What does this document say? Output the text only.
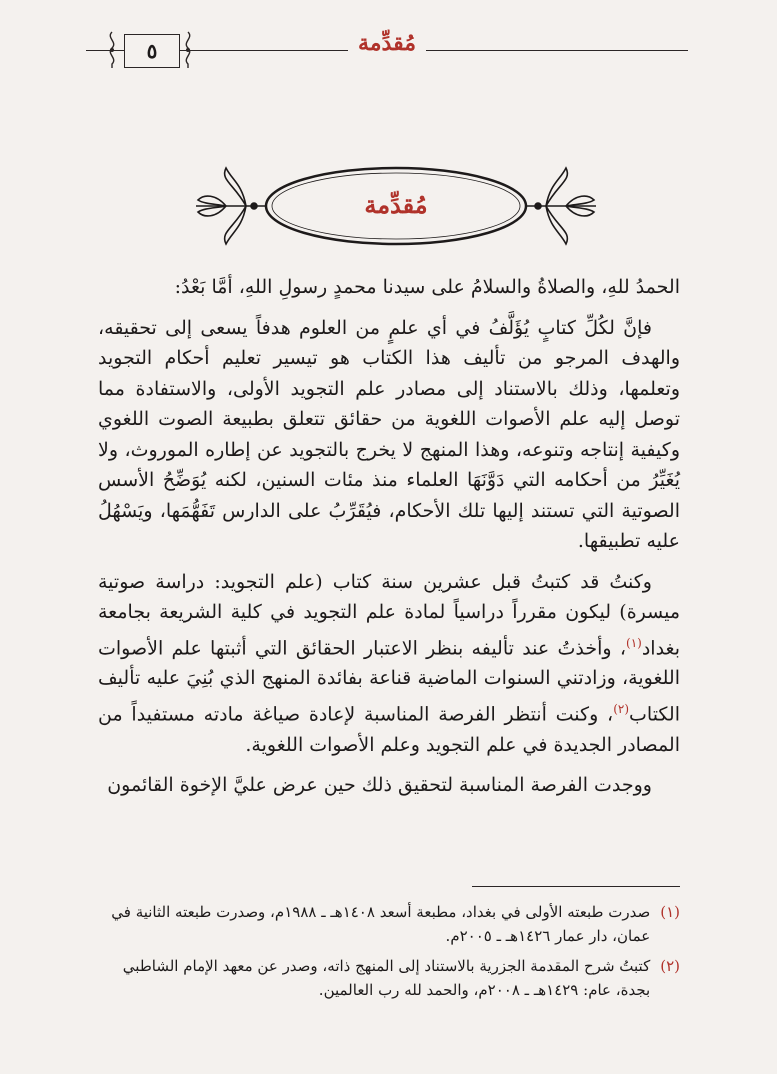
مُقدِّمة
٥
مُقدِّمة

الحمدُ للهِ، والصلاةُ والسلامُ على سيدنا محمدٍ رسولِ اللهِ، أمَّا بَعْدُ:

فإنَّ لكُلِّ كتابٍ يُؤَلَّفُ في أي علمٍ من العلوم هدفاً يسعى إلى تحقيقه، والهدف المرجو من تأليف هذا الكتاب هو تيسير تعليم أحكام التجويد وتعلمها، وذلك بالاستناد إلى مصادر علم التجويد الأولى، والاستفادة مما توصل إليه علم الأصوات اللغوية من حقائق تتعلق بطبيعة الصوت اللغوي وكيفية إنتاجه وتنوعه، وهذا المنهج لا يخرج بالتجويد عن إطاره الموروث، ولا يُغَيِّرُ من أحكامه التي دَوَّنَهَا العلماء منذ مئات السنين، لكنه يُوَضِّحُ الأسس الصوتية التي تستند إليها تلك الأحكام، فيُقَرِّبُ على الدارس تَفَهُّمَها، ويَسْهُلُ عليه تطبيقها.

وكنتُ قد كتبتُ قبل عشرين سنة كتاب (علم التجويد: دراسة صوتية ميسرة) ليكون مقرراً دراسياً لمادة علم التجويد في كلية الشريعة بجامعة بغداد$^{(١)}$، وأخذتُ عند تأليفه بنظر الاعتبار الحقائق التي أثبتها علم الأصوات اللغوية، وزادتني السنوات الماضية قناعة بفائدة المنهج الذي بُنِيَ عليه تأليف الكتاب$^{(٢)}$، وكنت أنتظر الفرصة المناسبة لإعادة صياغة مادته مستفيداً من المصادر الجديدة في علم التجويد وعلم الأصوات اللغوية.

ووجدت الفرصة المناسبة لتحقيق ذلك حين عرض عليَّ الإخوة القائمون

(١)
صدرت طبعته الأولى في بغداد، مطبعة أسعد ١٤٠٨هـ ـ ١٩٨٨م، وصدرت طبعته الثانية في عمان، دار عمار ١٤٢٦هـ ـ ٢٠٠٥م.
(٢)
كتبتُ شرح المقدمة الجزرية بالاستناد إلى المنهج ذاته، وصدر عن معهد الإمام الشاطبي بجدة، عام: ١٤٢٩هـ ـ ٢٠٠٨م، والحمد لله رب العالمين.
